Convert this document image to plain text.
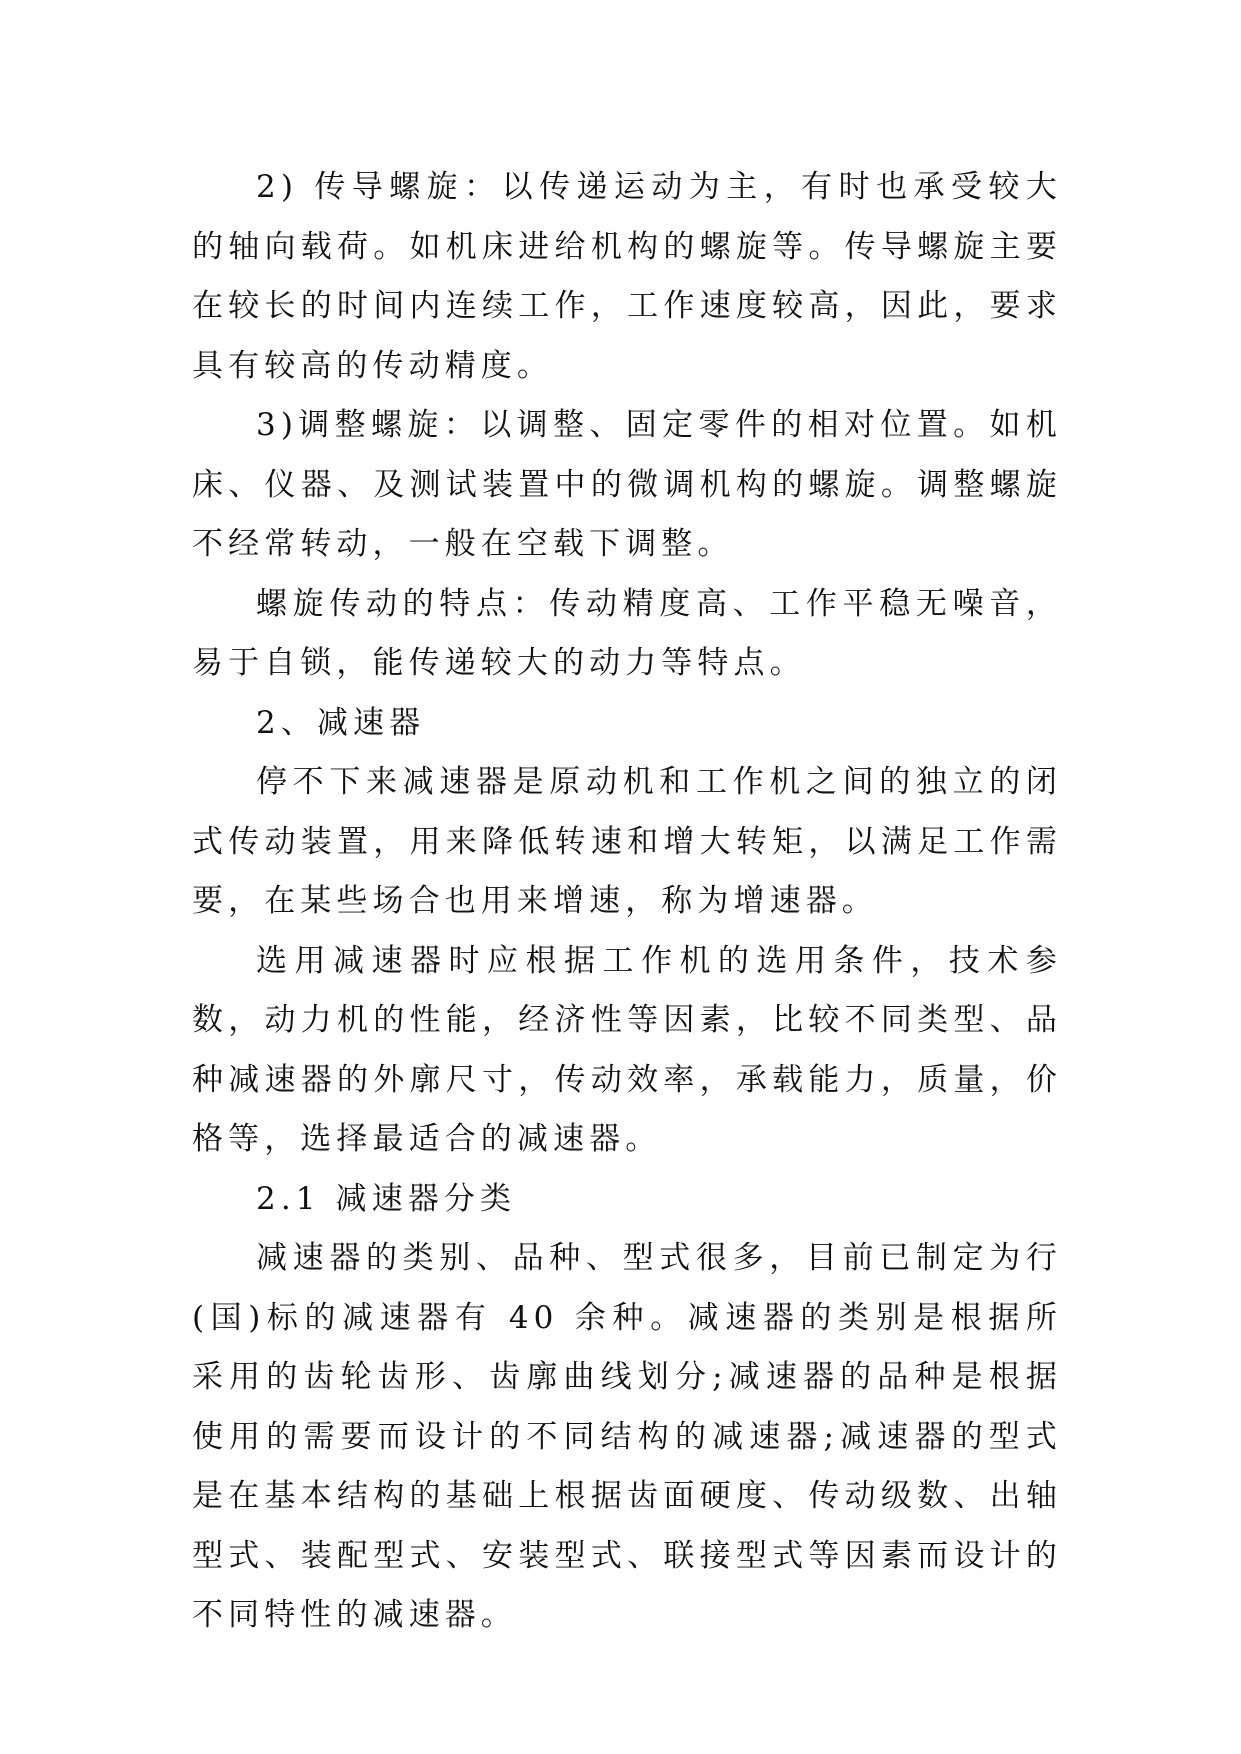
2) 传导螺旋：以传递运动为主，有时也承受较大的轴向载荷。如机床进给机构的螺旋等。传导螺旋主要在较长的时间内连续工作，工作速度较高，因此，要求具有较高的传动精度。

3)调整螺旋：以调整、固定零件的相对位置。如机床、仪器、及测试装置中的微调机构的螺旋。调整螺旋不经常转动，一般在空载下调整。

螺旋传动的特点：传动精度高、工作平稳无噪音，易于自锁，能传递较大的动力等特点。

2、减速器

停不下来减速器是原动机和工作机之间的独立的闭式传动装置，用来降低转速和增大转矩，以满足工作需要，在某些场合也用来增速，称为增速器。

选用减速器时应根据工作机的选用条件，技术参数，动力机的性能，经济性等因素，比较不同类型、品种减速器的外廓尺寸，传动效率，承载能力，质量，价格等，选择最适合的减速器。

2.1 减速器分类

减速器的类别、品种、型式很多，目前已制定为行(国)标的减速器有 40 余种。减速器的类别是根据所采用的齿轮齿形、齿廓曲线划分;减速器的品种是根据使用的需要而设计的不同结构的减速器;减速器的型式是在基本结构的基础上根据齿面硬度、传动级数、出轴型式、装配型式、安装型式、联接型式等因素而设计的不同特性的减速器。
